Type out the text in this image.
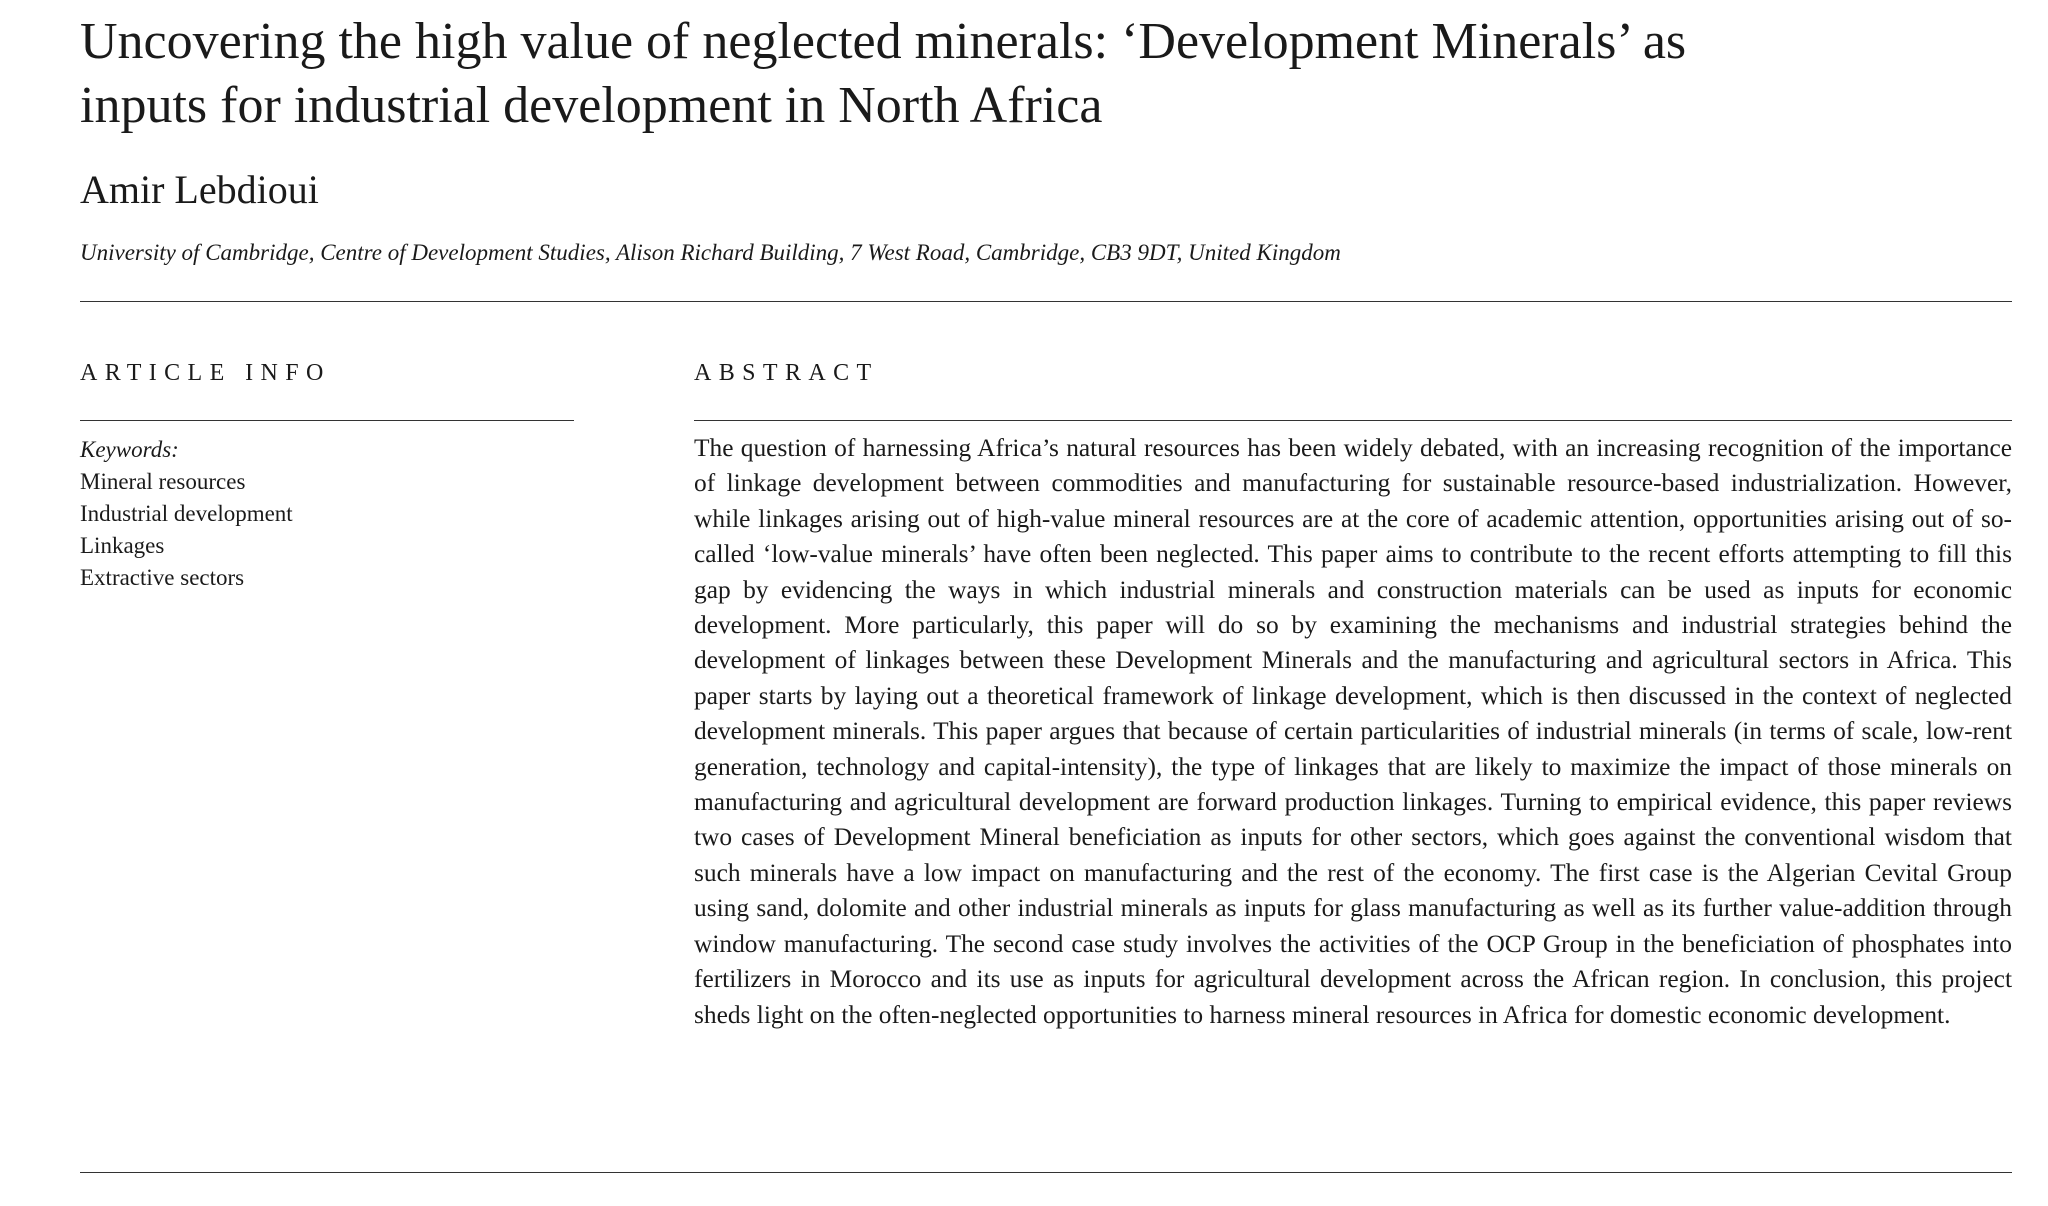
Uncovering the high value of neglected minerals: ‘Development Minerals’ as
inputs for industrial development in North Africa

Amir Lebdioui

University of Cambridge, Centre of Development Studies, Alison Richard Building, 7 West Road, Cambridge, CB3 9DT, United Kingdom

ARTICLE INFO	ABSTRACT
Keywords:
Mineral resources
Industrial development
Linkages
Extractive sectors

The question of harnessing Africa’s natural resources has been widely debated, with an increasing recognition of the importance of linkage development between commodities and manufacturing for sustainable resource-based industrialization. However, while linkages arising out of high-value mineral resources are at the core of academic attention, opportunities arising out of so-called ‘low-value minerals’ have often been neglected. This paper aims to contribute to the recent efforts attempting to fill this gap by evidencing the ways in which industrial minerals and construction materials can be used as inputs for economic development. More particularly, this paper will do so by examining the mechanisms and industrial strategies behind the development of linkages between these Development Minerals and the manufacturing and agricultural sectors in Africa. This paper starts by laying out a theoretical framework of linkage development, which is then discussed in the context of neglected development minerals. This paper argues that because of certain particularities of industrial minerals (in terms of scale, low-rent generation, technology and capital-intensity), the type of linkages that are likely to maximize the impact of those minerals on manufacturing and agricultural development are forward production linkages. Turning to empirical evidence, this paper reviews two cases of Development Mineral beneficiation as inputs for other sectors, which goes against the conventional wisdom that such minerals have a low impact on manufacturing and the rest of the economy. The first case is the Algerian Cevital Group using sand, dolomite and other industrial minerals as inputs for glass manufacturing as well as its further value-addition through window manufacturing. The second case study involves the activities of the OCP Group in the beneficiation of phosphates into fertilizers in Morocco and its use as inputs for agricultural development across the African region. In conclusion, this project sheds light on the often-neglected opportunities to harness mineral resources in Africa for domestic economic development.
